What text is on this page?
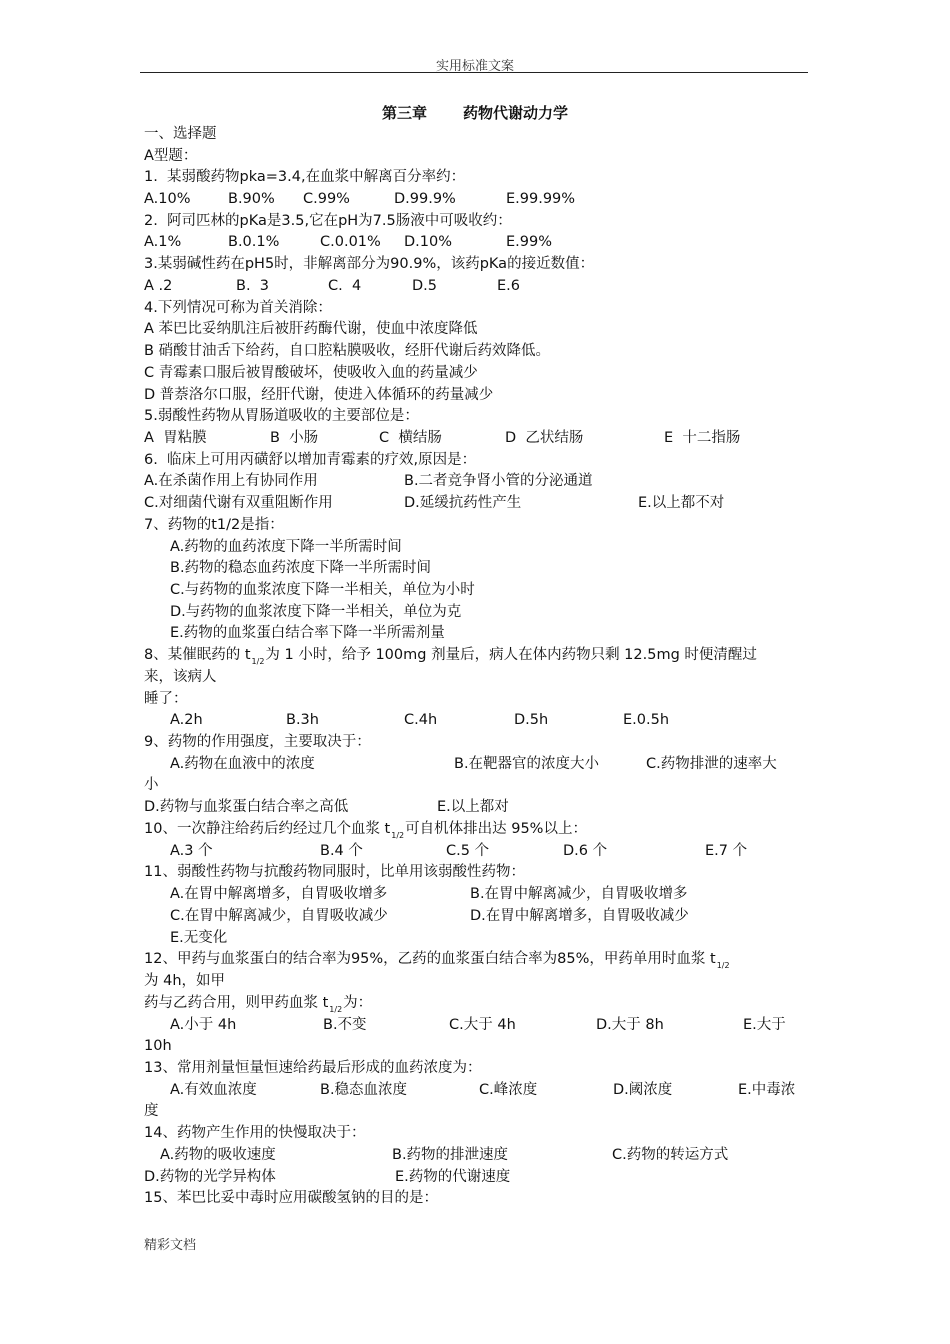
实用标准文案
第三章 药物代谢动力学
一、选择题
A型题：
1.  某弱酸药物pka=3.4,在血浆中解离百分率约：

A.10%

	B.90%

C.99%

	D.99.9%

	E.99.99%

2.  阿司匹林的pKa是3.5,它在pH为7.5肠液中可吸收约：

A.1%

	B.0.1%

	C.0.01%

D.10%

	E.99%

3.某弱碱性药在pH5时，非解离部分为90.9%，该药pKa的接近数值：

A .2

	B.  3

	C.  4

	D.5

	E.6

4.下列情况可称为首关消除：
A 苯巴比妥纳肌注后被肝药酶代谢，使血中浓度降低
B 硝酸甘油舌下给药，自口腔粘膜吸收，经肝代谢后药效降低。
C 青霉素口服后被胃酸破坏，使吸收入血的药量减少
D 普萘洛尔口服，经肝代谢，使进入体循环的药量减少
5.弱酸性药物从胃肠道吸收的主要部位是：

A  胃粘膜

	B  小肠

	C  横结肠

	D  乙状结肠

	E  十二指肠

6.  临床上可用丙磺舒以增加青霉素的疗效,原因是：

A.在杀菌作用上有协同作用

	B.二者竞争肾小管的分泌通道

C.对细菌代谢有双重阻断作用

	D.延缓抗药性产生

	E.以上都不对

7、药物的t1/2是指：
A.药物的血药浓度下降一半所需时间
B.药物的稳态血药浓度下降一半所需时间
C.与药物的血浆浓度下降一半相关，单位为小时
D.与药物的血浆浓度下降一半相关，单位为克
E.药物的血浆蛋白结合率下降一半所需剂量
8、某催眠药的 $t_{1/2}$为 1 小时，给予 100mg 剂量后，病人在体内药物只剩 12.5mg 时便清醒过
来，该病人
睡了：

A.2h

	B.3h

	C.4h

	D.5h

	E.0.5h

9、药物的作用强度，主要取决于：

A.药物在血液中的浓度

	B.在靶器官的浓度大小

	C.药物排泄的速率大

小

D.药物与血浆蛋白结合率之高低

	E.以上都对

10、一次静注给药后约经过几个血浆 $t_{1/2}$可自机体排出达 95%以上：

A.3 个

	B.4 个

	C.5 个

	D.6 个

	E.7 个

11、弱酸性药物与抗酸药物同服时，比单用该弱酸性药物：

A.在胃中解离增多，自胃吸收增多

	B.在胃中解离减少，自胃吸收增多

C.在胃中解离减少，自胃吸收减少

	D.在胃中解离增多，自胃吸收减少

E.无变化
12、甲药与血浆蛋白的结合率为95%，乙药的血浆蛋白结合率为85%，甲药单用时血浆 $t_{1/2}$
为 4h，如甲
药与乙药合用，则甲药血浆 $t_{1/2}$为：

A.小于 4h

	B.不变

	C.大于 4h

	D.大于 8h

	E.大于

10h
13、常用剂量恒量恒速给药最后形成的血药浓度为：

A.有效血浓度

	B.稳态血浓度

	C.峰浓度

	D.阈浓度

	E.中毒浓

度
14、药物产生作用的快慢取决于：

A.药物的吸收速度

	B.药物的排泄速度

	C.药物的转运方式

D.药物的光学异构体

	E.药物的代谢速度

15、苯巴比妥中毒时应用碳酸氢钠的目的是：
精彩文档
